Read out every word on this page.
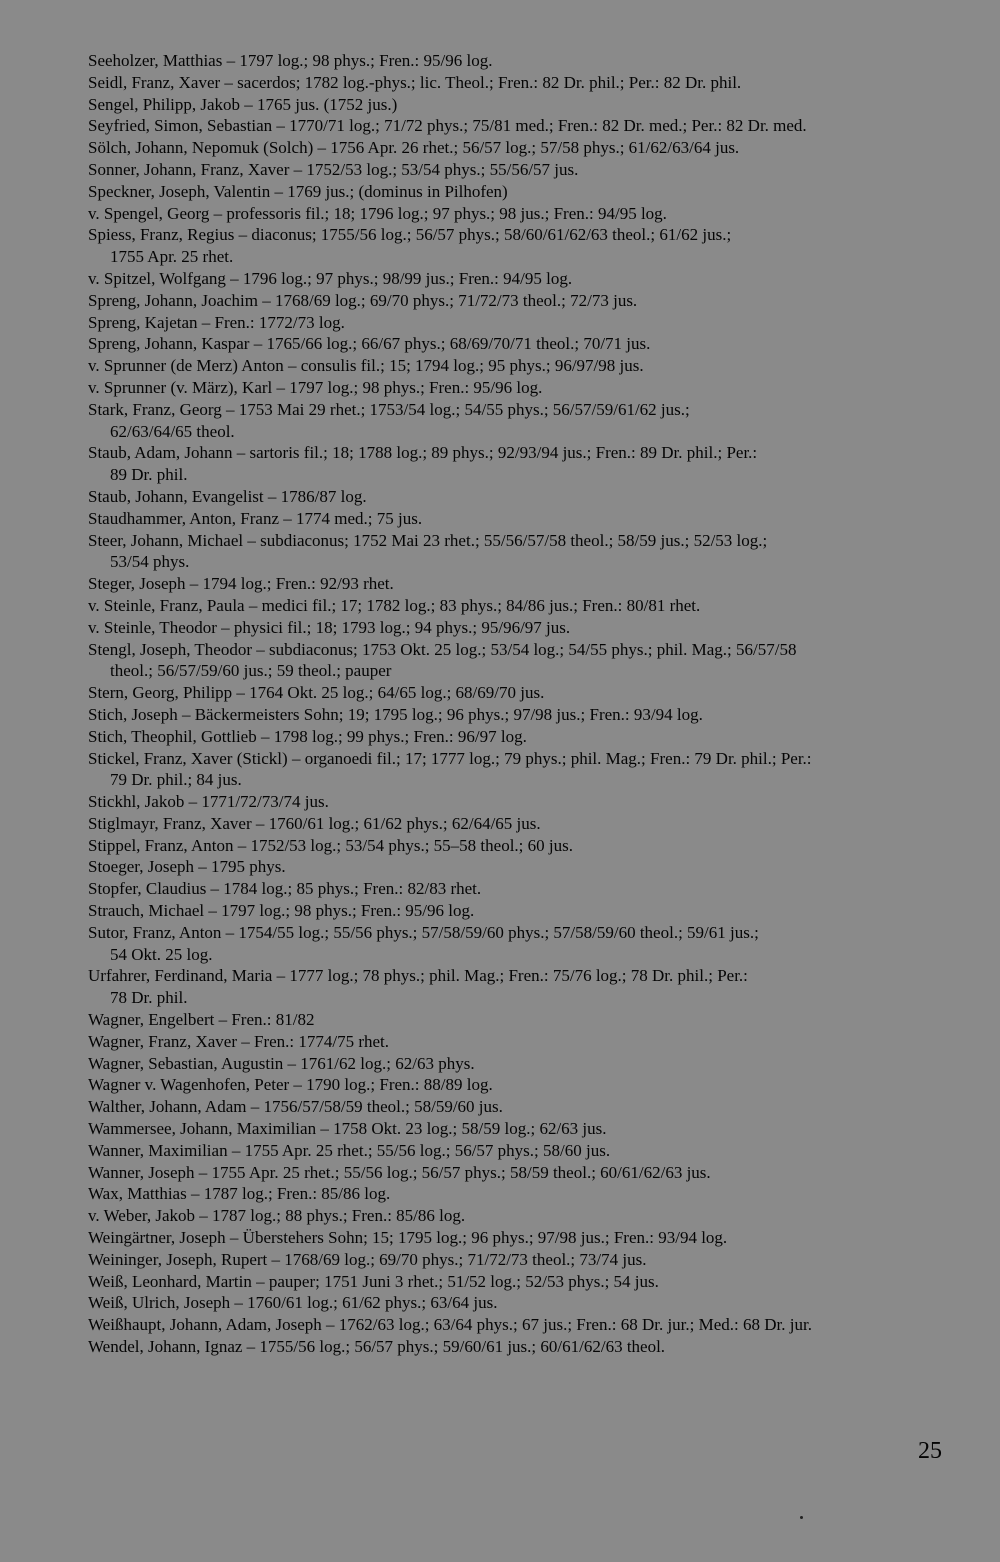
Seeholzer, Matthias – 1797 log.; 98 phys.; Fren.: 95/96 log.
Seidl, Franz, Xaver – sacerdos; 1782 log.-phys.; lic. Theol.; Fren.: 82 Dr. phil.; Per.: 82 Dr. phil.
Sengel, Philipp, Jakob – 1765 jus. (1752 jus.)
Seyfried, Simon, Sebastian – 1770/71 log.; 71/72 phys.; 75/81 med.; Fren.: 82 Dr. med.; Per.: 82 Dr. med.
Sölch, Johann, Nepomuk (Solch) – 1756 Apr. 26 rhet.; 56/57 log.; 57/58 phys.; 61/62/63/64 jus.
Sonner, Johann, Franz, Xaver – 1752/53 log.; 53/54 phys.; 55/56/57 jus.
Speckner, Joseph, Valentin – 1769 jus.; (dominus in Pilhofen)
v. Spengel, Georg – professoris fil.; 18; 1796 log.; 97 phys.; 98 jus.; Fren.: 94/95 log.
Spiess, Franz, Regius – diaconus; 1755/56 log.; 56/57 phys.; 58/60/61/62/63 theol.; 61/62 jus.;
1755 Apr. 25 rhet.
v. Spitzel, Wolfgang – 1796 log.; 97 phys.; 98/99 jus.; Fren.: 94/95 log.
Spreng, Johann, Joachim – 1768/69 log.; 69/70 phys.; 71/72/73 theol.; 72/73 jus.
Spreng, Kajetan – Fren.: 1772/73 log.
Spreng, Johann, Kaspar – 1765/66 log.; 66/67 phys.; 68/69/70/71 theol.; 70/71 jus.
v. Sprunner (de Merz) Anton – consulis fil.; 15; 1794 log.; 95 phys.; 96/97/98 jus.
v. Sprunner (v. März), Karl – 1797 log.; 98 phys.; Fren.: 95/96 log.
Stark, Franz, Georg – 1753 Mai 29 rhet.; 1753/54 log.; 54/55 phys.; 56/57/59/61/62 jus.;
62/63/64/65 theol.
Staub, Adam, Johann – sartoris fil.; 18; 1788 log.; 89 phys.; 92/93/94 jus.; Fren.: 89 Dr. phil.; Per.:
89 Dr. phil.
Staub, Johann, Evangelist – 1786/87 log.
Staudhammer, Anton, Franz – 1774 med.; 75 jus.
Steer, Johann, Michael – subdiaconus; 1752 Mai 23 rhet.; 55/56/57/58 theol.; 58/59 jus.; 52/53 log.;
53/54 phys.
Steger, Joseph – 1794 log.; Fren.: 92/93 rhet.
v. Steinle, Franz, Paula – medici fil.; 17; 1782 log.; 83 phys.; 84/86 jus.; Fren.: 80/81 rhet.
v. Steinle, Theodor – physici fil.; 18; 1793 log.; 94 phys.; 95/96/97 jus.
Stengl, Joseph, Theodor – subdiaconus; 1753 Okt. 25 log.; 53/54 log.; 54/55 phys.; phil. Mag.; 56/57/58
theol.; 56/57/59/60 jus.; 59 theol.; pauper
Stern, Georg, Philipp – 1764 Okt. 25 log.; 64/65 log.; 68/69/70 jus.
Stich, Joseph – Bäckermeisters Sohn; 19; 1795 log.; 96 phys.; 97/98 jus.; Fren.: 93/94 log.
Stich, Theophil, Gottlieb – 1798 log.; 99 phys.; Fren.: 96/97 log.
Stickel, Franz, Xaver (Stickl) – organoedi fil.; 17; 1777 log.; 79 phys.; phil. Mag.; Fren.: 79 Dr. phil.; Per.:
79 Dr. phil.; 84 jus.
Stickhl, Jakob – 1771/72/73/74 jus.
Stiglmayr, Franz, Xaver – 1760/61 log.; 61/62 phys.; 62/64/65 jus.
Stippel, Franz, Anton – 1752/53 log.; 53/54 phys.; 55–58 theol.; 60 jus.
Stoeger, Joseph – 1795 phys.
Stopfer, Claudius – 1784 log.; 85 phys.; Fren.: 82/83 rhet.
Strauch, Michael – 1797 log.; 98 phys.; Fren.: 95/96 log.
Sutor, Franz, Anton – 1754/55 log.; 55/56 phys.; 57/58/59/60 phys.; 57/58/59/60 theol.; 59/61 jus.;
54 Okt. 25 log.
Urfahrer, Ferdinand, Maria – 1777 log.; 78 phys.; phil. Mag.; Fren.: 75/76 log.; 78 Dr. phil.; Per.:
78 Dr. phil.
Wagner, Engelbert – Fren.: 81/82
Wagner, Franz, Xaver – Fren.: 1774/75 rhet.
Wagner, Sebastian, Augustin – 1761/62 log.; 62/63 phys.
Wagner v. Wagenhofen, Peter – 1790 log.; Fren.: 88/89 log.
Walther, Johann, Adam – 1756/57/58/59 theol.; 58/59/60 jus.
Wammersee, Johann, Maximilian – 1758 Okt. 23 log.; 58/59 log.; 62/63 jus.
Wanner, Maximilian – 1755 Apr. 25 rhet.; 55/56 log.; 56/57 phys.; 58/60 jus.
Wanner, Joseph – 1755 Apr. 25 rhet.; 55/56 log.; 56/57 phys.; 58/59 theol.; 60/61/62/63 jus.
Wax, Matthias – 1787 log.; Fren.: 85/86 log.
v. Weber, Jakob – 1787 log.; 88 phys.; Fren.: 85/86 log.
Weingärtner, Joseph – Überstehers Sohn; 15; 1795 log.; 96 phys.; 97/98 jus.; Fren.: 93/94 log.
Weininger, Joseph, Rupert – 1768/69 log.; 69/70 phys.; 71/72/73 theol.; 73/74 jus.
Weiß, Leonhard, Martin – pauper; 1751 Juni 3 rhet.; 51/52 log.; 52/53 phys.; 54 jus.
Weiß, Ulrich, Joseph – 1760/61 log.; 61/62 phys.; 63/64 jus.
Weißhaupt, Johann, Adam, Joseph – 1762/63 log.; 63/64 phys.; 67 jus.; Fren.: 68 Dr. jur.; Med.: 68 Dr. jur.
Wendel, Johann, Ignaz – 1755/56 log.; 56/57 phys.; 59/60/61 jus.; 60/61/62/63 theol.
25
